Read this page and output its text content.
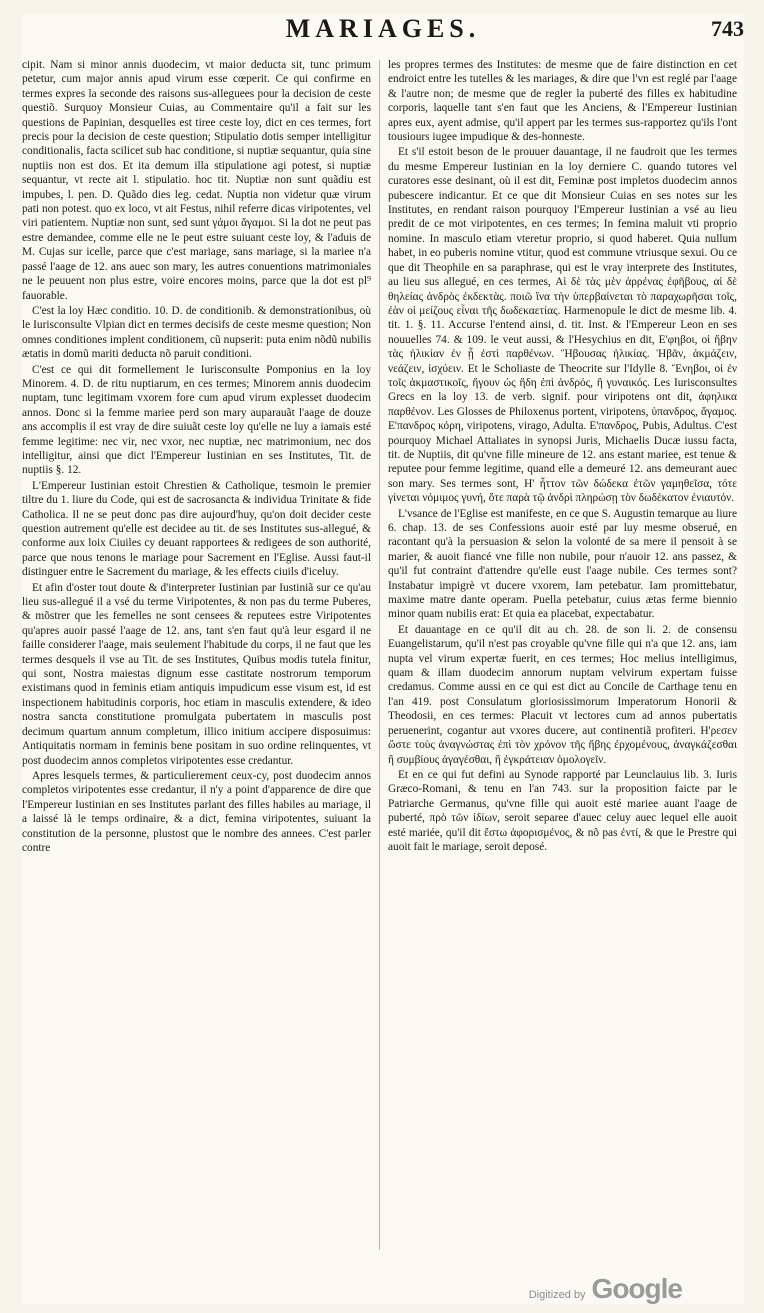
MARIAGES.	743

cipit. Nam si minor annis duodecim, vt maior deducta sit, tunc primum petetur, cum major annis apud virum esse cœperit. Ce qui confirme en termes expres la seconde des raisons sus-alleguees pour la decision de ceste questiõ. Surquoy Monsieur Cuias, au Commentaire qu'il a fait sur les questions de Papinian, desquelles est tiree ceste loy, dict en ces termes, fort precis pour la decision de ceste question; Stipulatio dotis semper intelligitur conditionalis, facta scilicet sub hac conditione, si nuptiæ sequantur, quia sine nuptiis non est dos. Et ita demum illa stipulatione agi potest, si nuptiæ sequantur, vt recte ait l. stipulatio. hoc tit. Nuptiæ non sunt quãdiu est impubes, l. pen. D. Quãdo dies leg. cedat. Nuptia non videtur quæ virum pati non potest. quo ex loco, vt ait Festus, nihil referre dicas viripotentes, vel viri patientem. Nuptiæ non sunt, sed sunt γάμοι ἄγαμοι. Si la dot ne peut pas estre demandee, comme elle ne le peut estre suiuant ceste loy, & l'aduis de M. Cujas sur icelle, parce que c'est mariage, sans mariage, si la mariee n'a passé l'aage de 12. ans auec son mary, les autres conuentions matrimoniales ne le peuuent non plus estre, voire encores moins, parce que la dot est pl⁹ fauorable.

C'est la loy Hæc conditio. 10. D. de conditionib. & demonstrationibus, où le Iurisconsulte Vlpian dict en termes decisifs de ceste mesme question; Non omnes conditiones implent conditionem, cũ nupserit: puta enim nõdũ nubilis ætatis in domũ mariti deducta nõ paruit conditioni.

C'est ce qui dit formellement le Iurisconsulte Pomponius en la loy Minorem. 4. D. de ritu nuptiarum, en ces termes; Minorem annis duodecim nuptam, tunc legitimam vxorem fore cum apud virum explesset duodecim annos. Donc si la femme mariee perd son mary auparauãt l'aage de douze ans accomplis il est vray de dire suiuãt ceste loy qu'elle ne luy a iamais esté femme legitime: nec vir, nec vxor, nec nuptiæ, nec matrimonium, nec dos intelligitur, ainsi que dict l'Empereur Iustinian en ses Institutes, Tit. de nuptiis §. 12.

L'Empereur Iustinian estoit Chrestien & Catholique, tesmoin le premier tiltre du 1. liure du Code, qui est de sacrosancta & individua Trinitate & fide Catholica. Il ne se peut donc pas dire aujourd'huy, qu'on doit decider ceste question autrement qu'elle est decidee au tit. de ses Institutes sus-allegué, & conforme aux loix Ciuiles cy deuant rapportees & redigees de son authorité, parce que nous tenons le mariage pour Sacrement en l'Eglise. Aussi faut-il distinguer entre le Sacrement du mariage, & les effects ciuils d'iceluy.

Et afin d'oster tout doute & d'interpreter Iustinian par Iustiniã sur ce qu'au lieu sus-allegué il a vsé du terme Viripotentes, & non pas du terme Puberes, & mõstrer que les femelles ne sont censees & reputees estre Viripotentes qu'apres auoir passé l'aage de 12. ans, tant s'en faut qu'à leur esgard il ne faille considerer l'aage, mais seulement l'habitude du corps, il ne faut que les termes desquels il vse au Tit. de ses Institutes, Quibus modis tutela finitur, qui sont, Nostra maiestas dignum esse castitate nostrorum temporum existimans quod in feminis etiam antiquis impudicum esse visum est, id est inspectionem habitudinis corporis, hoc etiam in masculis extendere, & ideo nostra sancta constitutione promulgata pubertatem in masculis post decimum quartum annum completum, illico initium accipere disposuimus: Antiquitatis normam in feminis bene positam in suo ordine relinquentes, vt post duodecim annos completos viripotentes esse credantur.

Apres lesquels termes, & particulierement ceux-cy, post duodecim annos completos viripotentes esse credantur, il n'y a point d'apparence de dire que l'Empereur Iustinian en ses Institutes parlant des filles habiles au mariage, il a laissé là le temps ordinaire, & a dict, femina viripotentes, suiuant la constitution de la personne, plustost que le nombre des annees. C'est parler contre

les propres termes des Institutes: de mesme que de faire distinction en cet endroict entre les tutelles & les mariages, & dire que l'vn est reglé par l'aage & l'autre non; de mesme que de regler la puberté des filles ex habitudine corporis, laquelle tant s'en faut que les Anciens, & l'Empereur Iustinian apres eux, ayent admise, qu'il appert par les termes sus-rapportez qu'ils l'ont tousiours iugee impudique & des-honneste.

Et s'il estoit beson de le prouuer dauantage, il ne faudroit que les termes du mesme Empereur Iustinian en la loy derniere C. quando tutores vel curatores esse desinant, où il est dit, Feminæ post impletos duodecim annos pubescere indicantur. Et ce que dit Monsieur Cuias en ses notes sur les Institutes, en rendant raison pourquoy l'Empereur Iustinian a vsé au lieu predit de ce mot viripotentes, en ces termes; In femina maluit vti proprio nomine. In masculo etiam vteretur proprio, si quod haberet. Quia nullum habet, in eo puberis nomine vtitur, quod est commune vtriusque sexui. Ou ce que dit Theophile en sa paraphrase, qui est le vray interprete des Institutes, au lieu sus allegué, en ces termes, Αἱ δὲ τὰς μὲν ἀρρένας ἐφῆβους, αἱ δὲ θηλείας ἀνδρὸς ἐκδεκτὰς. ποιῶ ἵνα τὴν ὑπερβαίνεται τὸ παραχωρῆσαι τοῖς, ἐὰν οἱ μείζους εἶναι τῆς δωδεκαετίας. Harmenopule le dict de mesme lib. 4. tit. 1. §. 11. Accurse l'entend ainsi, d. tit. Inst. & l'Empereur Leon en ses nouuelles 74. & 109. le veut aussi, & l'Hesychius en dit, Ε'φηβοι, οἱ ἤβην τὰς ἠλικίαν ἐν ᾗ ἐστὶ παρθένων. Ἥβουσας ἡλικίας. Ἡβᾶν, ἀκμάζειν, νεάζειν, ἰσχύειν. Et le Scholiaste de Theocrite sur l'Idylle 8. Ἔνηβοι, οἱ ἐν τοῖς ἀκμαστικοῖς, ἤγουν ὡς ἤδη ἐπὶ ἀνδρός, ἢ γυναικός. Les Iurisconsultes Grecs en la loy 13. de verb. signif. pour viripotens ont dit, ἀφηλικα παρθένον. Les Glosses de Philoxenus portent, viripotens, ὑπανδρος, ἄγαμος. Ε'πανδρος κόρη, viripotens, virago, Adulta. Ε'πανδρος, Pubis, Adultus. C'est pourquoy Michael Attaliates in synopsi Juris, Michaelis Ducæ iussu facta, tit. de Nuptiis, dit qu'vne fille mineure de 12. ans estant mariee, est tenue & reputee pour femme legitime, quand elle a demeuré 12. ans demeurant auec son mary. Ses termes sont, Η' ἦττον τῶν δώδεκα ἐτῶν γαμηθεῖσα, τότε γίνεται νόμιμος γυνή, ὅτε παρὰ τῷ ἀνδρὶ πληρώσῃ τὸν δωδέκατον ἐνιαυτόν.

L'vsance de l'Eglise est manifeste, en ce que S. Augustin temarque au liure 6. chap. 13. de ses Confessions auoir esté par luy mesme obserué, en racontant qu'à la persuasion & selon la volonté de sa mere il pensoit à se marier, & auoit fiancé vne fille non nubile, pour n'auoir 12. ans passez, & qu'il fut contraint d'attendre qu'elle eust l'aage nubile. Ces termes sont? Instabatur impigrè vt ducere vxorem, Iam petebatur. Iam promittebatur, maxime matre dante operam. Puella petebatur, cuius ætas ferme biennio minor quam nubilis erat: Et quia ea placebat, expectabatur.

Et dauantage en ce qu'il dit au ch. 28. de son li. 2. de consensu Euangelistarum, qu'il n'est pas croyable qu'vne fille qui n'a que 12. ans, iam nupta vel virum expertæ fuerit, en ces termes; Hoc melius intelligimus, quam & illam duodecim annorum nuptam velvirum expertam fuisse credamus. Comme aussi en ce qui est dict au Concile de Carthage tenu en l'an 419. post Consulatum gloriosissimorum Imperatorum Honorii & Theodosii, en ces termes: Placuit vt lectores cum ad annos pubertatis peruenerint, cogantur aut vxores ducere, aut continentiã profiteri. Η'ρεσεν ὥστε τοὺς ἀναγνώστας ἐπὶ τὸν χρόνον τῆς ἥβης ἐρχομένους, ἀναγκάζεσθαι ἢ συμβίους ἀγαγέσθαι, ἢ ἐγκράτειαν ὁμολογεῖν.

Et en ce qui fut defini au Synode rapporté par Leunclauius lib. 3. Iuris Græco-Romani, & tenu en l'an 743. sur la proposition faicte par le Patriarche Germanus, qu'vne fille qui auoit esté mariee auant l'aage de puberté, πρὸ τῶν ἰδίων, seroit separee d'auec celuy auec lequel elle auoit esté mariée, qu'il dit ἔστω ἀφορισμένος, & nõ pas ἐντί, & que le Prestre qui auoit fait le mariage, seroit deposé.

Digitized by Google
